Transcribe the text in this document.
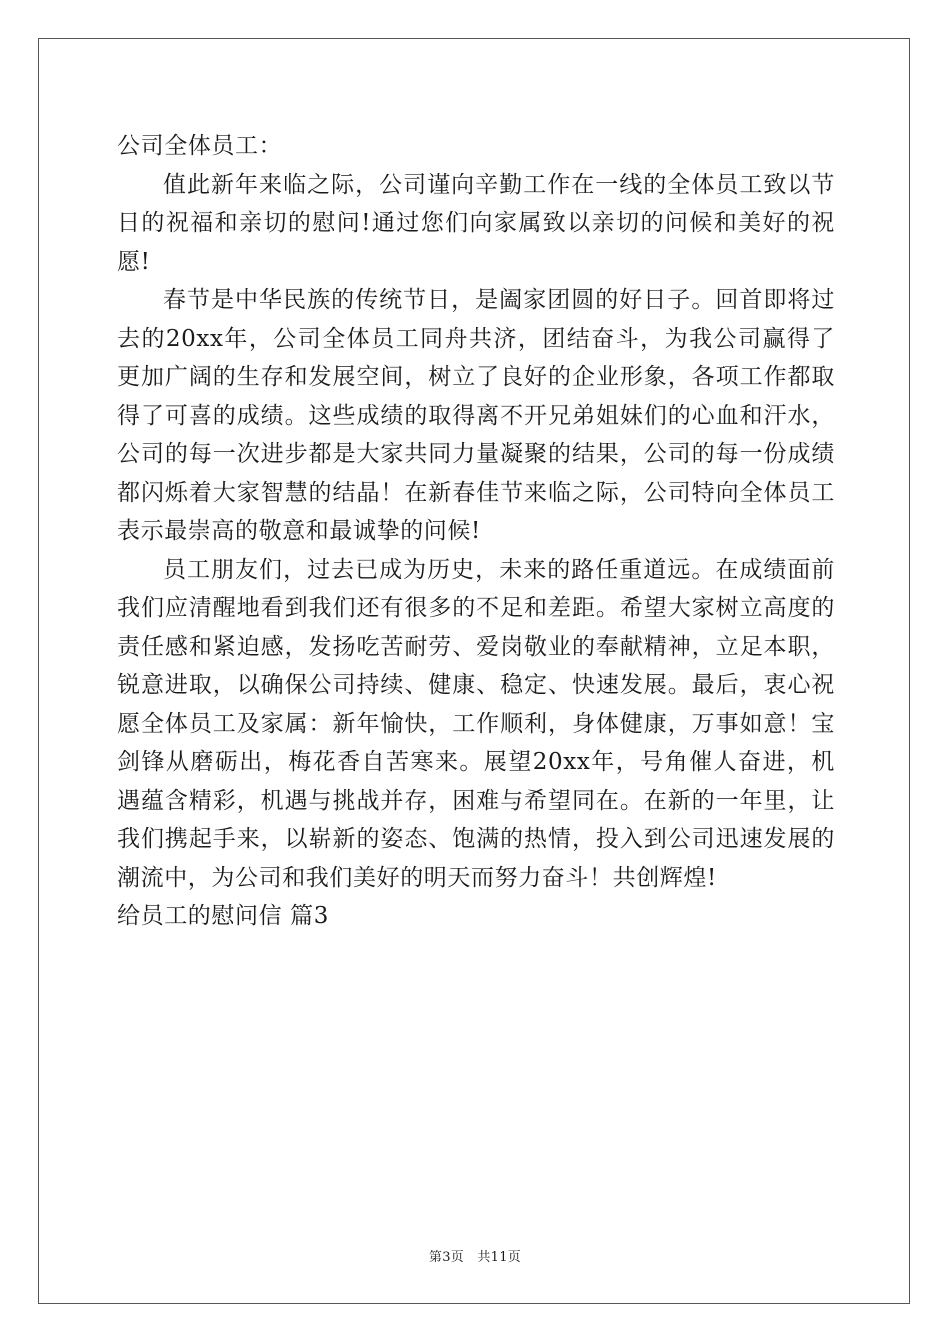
公司全体员工：

值此新年来临之际，公司谨向辛勤工作在一线的全体员工致以节日的祝福和亲切的慰问!通过您们向家属致以亲切的问候和美好的祝愿!

春节是中华民族的传统节日，是阖家团圆的好日子。回首即将过去的20xx年，公司全体员工同舟共济，团结奋斗，为我公司赢得了更加广阔的生存和发展空间，树立了良好的企业形象，各项工作都取得了可喜的成绩。这些成绩的取得离不开兄弟姐妹们的心血和汗水，公司的每一次进步都是大家共同力量凝聚的结果，公司的每一份成绩都闪烁着大家智慧的结晶！在新春佳节来临之际，公司特向全体员工表示最崇高的敬意和最诚挚的问候!

员工朋友们，过去已成为历史，未来的路任重道远。在成绩面前我们应清醒地看到我们还有很多的不足和差距。希望大家树立高度的责任感和紧迫感，发扬吃苦耐劳、爱岗敬业的奉献精神，立足本职，锐意进取，以确保公司持续、健康、稳定、快速发展。最后，衷心祝愿全体员工及家属：新年愉快，工作顺利，身体健康，万事如意！宝剑锋从磨砺出，梅花香自苦寒来。展望20xx年，号角催人奋进，机遇蕴含精彩，机遇与挑战并存，困难与希望同在。在新的一年里，让我们携起手来，以崭新的姿态、饱满的热情，投入到公司迅速发展的潮流中，为公司和我们美好的明天而努力奋斗！共创辉煌!

给员工的慰问信 篇3

第3页   共11页
